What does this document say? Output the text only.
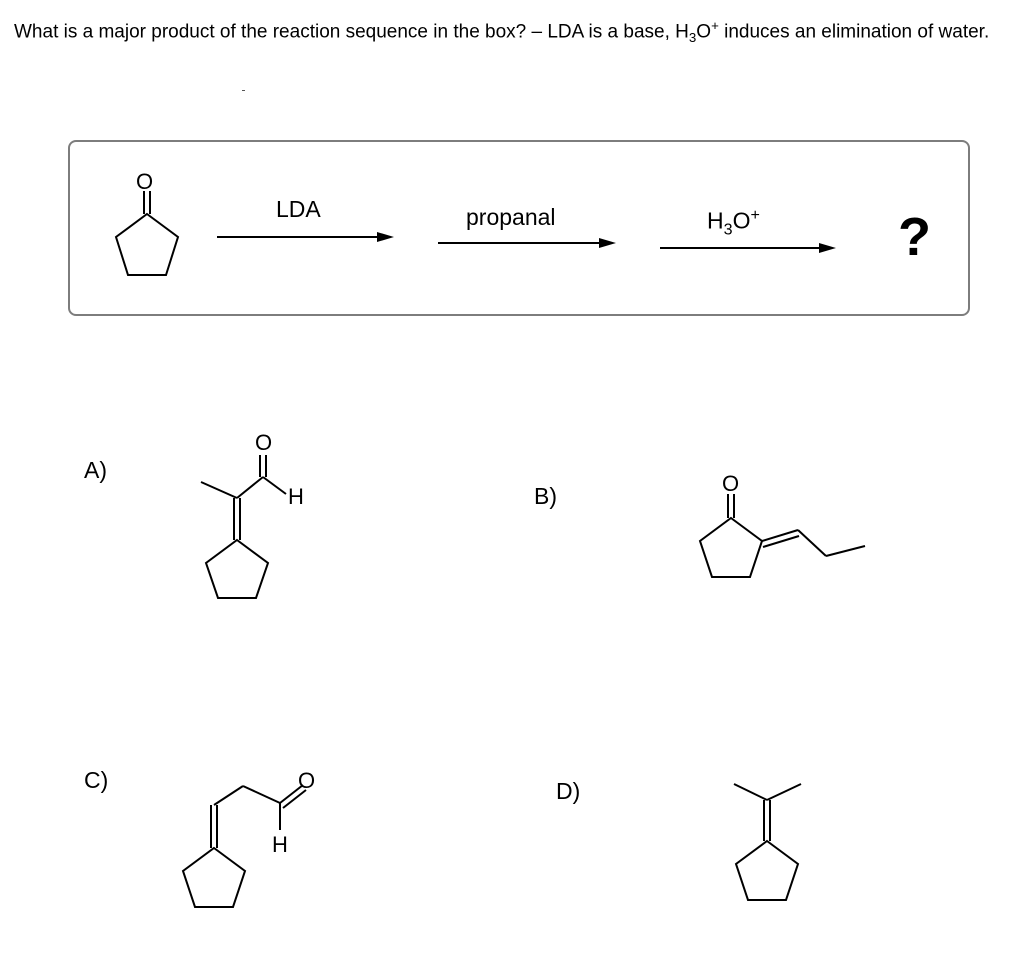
What is a major product of the reaction sequence in the box? – LDA is a base, $H_3O^+$ induces an elimination of water.
LDA	propanal	$H_3O^+$	?
O
A)
B)
C)	D)
O
H
O
O
H
